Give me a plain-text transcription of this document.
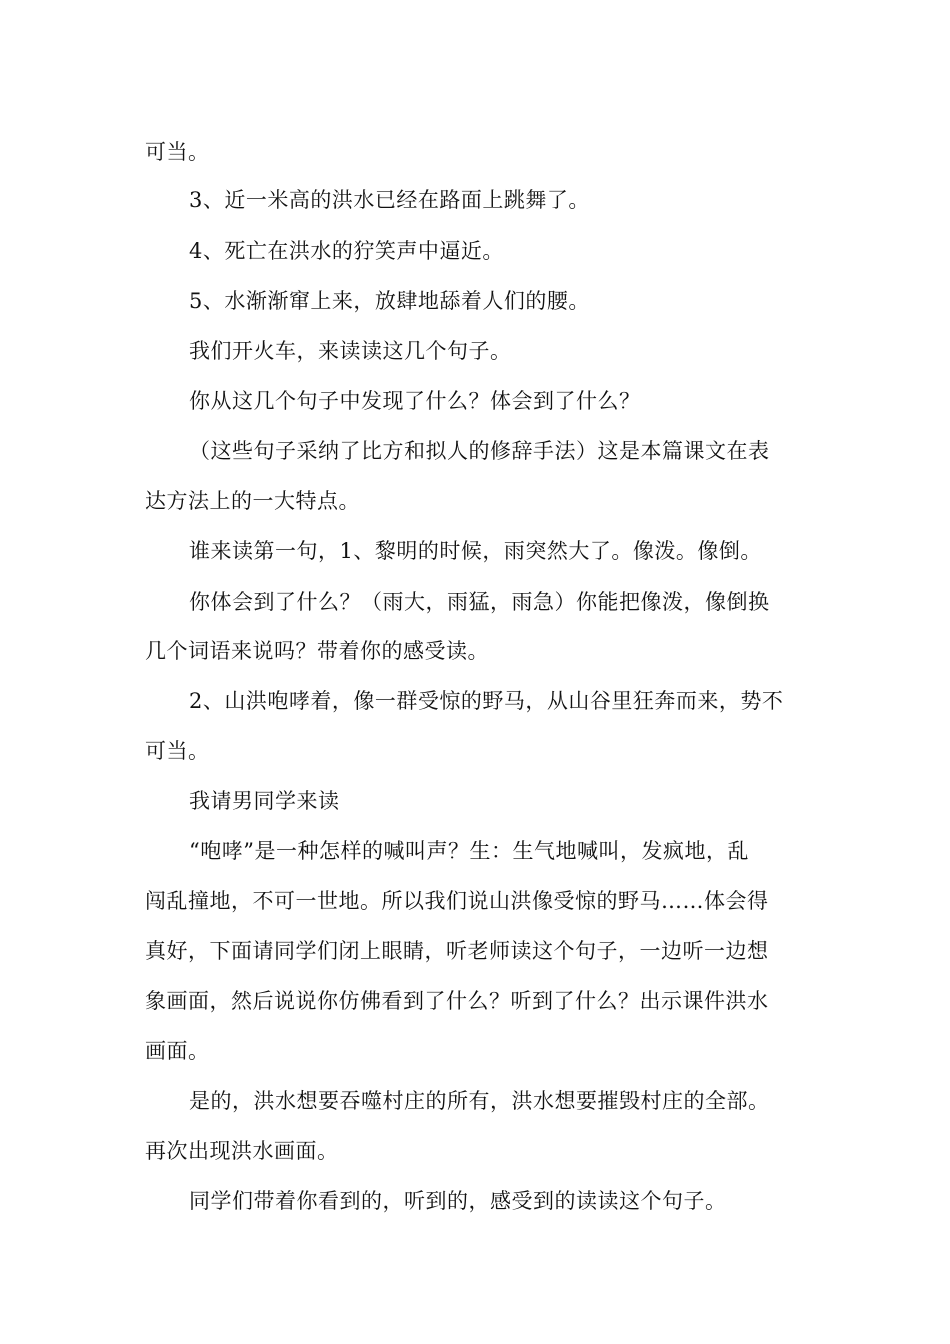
可当。
3、近一米高的洪水已经在路面上跳舞了。
4、死亡在洪水的狞笑声中逼近。
5、水渐渐窜上来，放肆地舔着人们的腰。
我们开火车，来读读这几个句子。
你从这几个句子中发现了什么？体会到了什么？
（这些句子采纳了比方和拟人的修辞手法）这是本篇课文在表
达方法上的一大特点。
谁来读第一句，1、黎明的时候，雨突然大了。像泼。像倒。
你体会到了什么？（雨大，雨猛，雨急）你能把像泼，像倒换
几个词语来说吗？带着你的感受读。
2、山洪咆哮着，像一群受惊的野马，从山谷里狂奔而来，势不
可当。
我请男同学来读
“咆哮”是一种怎样的喊叫声？生：生气地喊叫，发疯地，乱
闯乱撞地，不可一世地。所以我们说山洪像受惊的野马……体会得
真好，下面请同学们闭上眼睛，听老师读这个句子，一边听一边想
象画面，然后说说你仿佛看到了什么？听到了什么？出示课件洪水
画面。
是的，洪水想要吞噬村庄的所有，洪水想要摧毁村庄的全部。
再次出现洪水画面。
同学们带着你看到的，听到的，感受到的读读这个句子。
